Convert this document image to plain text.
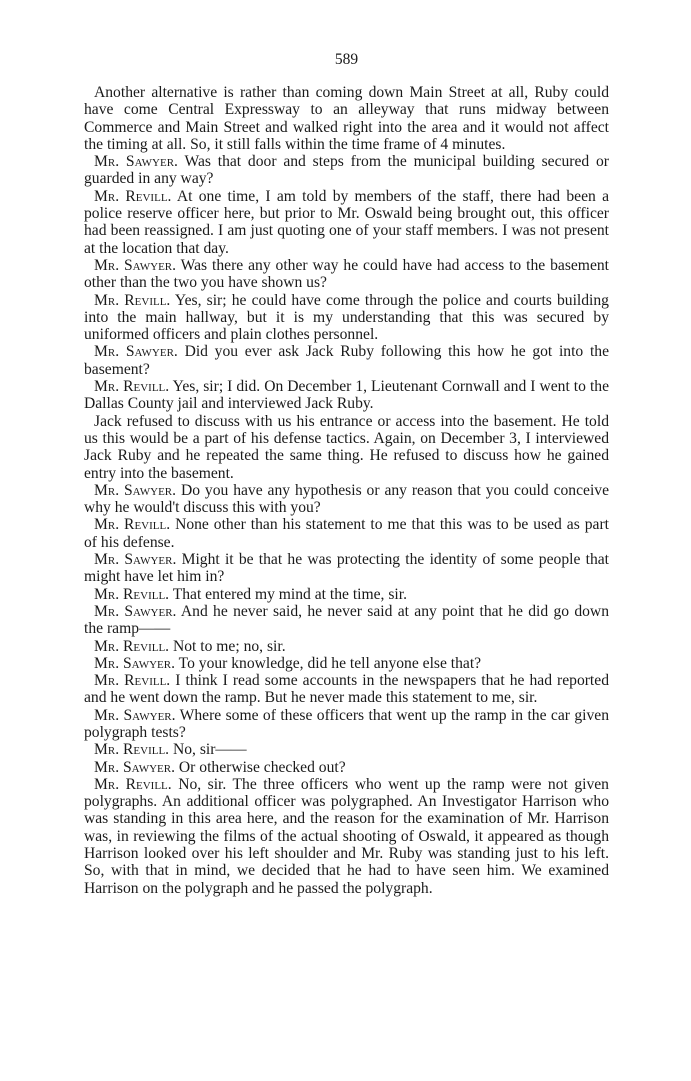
589

Another alternative is rather than coming down Main Street at all, Ruby could have come Central Expressway to an alleyway that runs midway between Commerce and Main Street and walked right into the area and it would not affect the timing at all. So, it still falls within the time frame of 4 minutes.

Mr. Sawyer. Was that door and steps from the municipal building secured or guarded in any way?

Mr. Revill. At one time, I am told by members of the staff, there had been a police reserve officer here, but prior to Mr. Oswald being brought out, this officer had been reassigned. I am just quoting one of your staff members. I was not present at the location that day.

Mr. Sawyer. Was there any other way he could have had access to the basement other than the two you have shown us?

Mr. Revill. Yes, sir; he could have come through the police and courts building into the main hallway, but it is my understanding that this was secured by uniformed officers and plain clothes personnel.

Mr. Sawyer. Did you ever ask Jack Ruby following this how he got into the basement?

Mr. Revill. Yes, sir; I did. On December 1, Lieutenant Cornwall and I went to the Dallas County jail and interviewed Jack Ruby.

Jack refused to discuss with us his entrance or access into the basement. He told us this would be a part of his defense tactics. Again, on December 3, I interviewed Jack Ruby and he repeated the same thing. He refused to discuss how he gained entry into the basement.

Mr. Sawyer. Do you have any hypothesis or any reason that you could conceive why he would't discuss this with you?

Mr. Revill. None other than his statement to me that this was to be used as part of his defense.

Mr. Sawyer. Might it be that he was protecting the identity of some people that might have let him in?

Mr. Revill. That entered my mind at the time, sir.

Mr. Sawyer. And he never said, he never said at any point that he did go down the ramp——

Mr. Revill. Not to me; no, sir.

Mr. Sawyer. To your knowledge, did he tell anyone else that?

Mr. Revill. I think I read some accounts in the newspapers that he had reported and he went down the ramp. But he never made this statement to me, sir.

Mr. Sawyer. Where some of these officers that went up the ramp in the car given polygraph tests?

Mr. Revill. No, sir——

Mr. Sawyer. Or otherwise checked out?

Mr. Revill. No, sir. The three officers who went up the ramp were not given polygraphs. An additional officer was polygraphed. An Investigator Harrison who was standing in this area here, and the reason for the examination of Mr. Harrison was, in reviewing the films of the actual shooting of Oswald, it appeared as though Harrison looked over his left shoulder and Mr. Ruby was standing just to his left. So, with that in mind, we decided that he had to have seen him. We examined Harrison on the polygraph and he passed the polygraph.
